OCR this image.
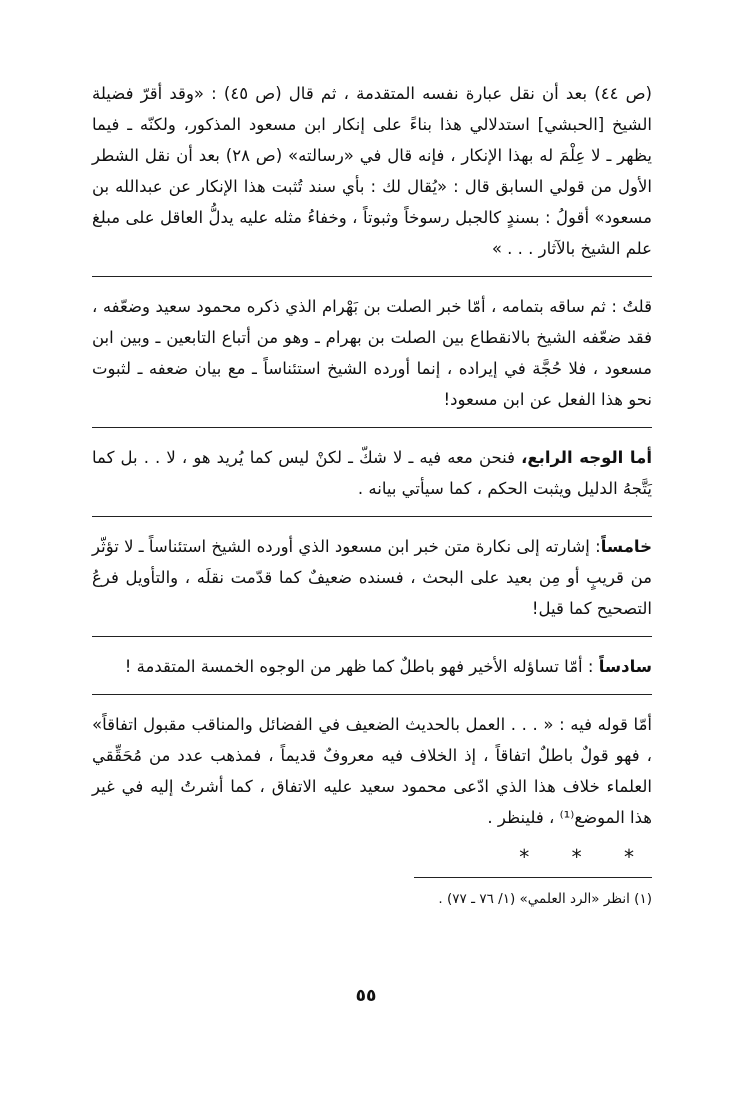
(ص ٤٤) بعد أن نقل عبارة نفسه المتقدمة ، ثم قال (ص ٤٥) : «وقد أقرّ فضيلة الشيخ [الحبشي] استدلالي هذا بناءً على إنكار ابن مسعود المذكور، ولكنّه ـ فيما يظهر ـ لا عِلْمَ له بهذا الإنكار ، فإنه قال في «رسالته» (ص ٢٨) بعد أن نقل الشطر الأول من قولي السابق قال : «يُقال لك : بأي سند تُثبت هذا الإنكار عن عبدالله بن مسعود» أقولُ : بسندٍ كالجبل رسوخاً وثبوتاً ، وخفاءُ مثله عليه يدلُّ العاقل على مبلغ علم الشيخ بالآثار . . . »

قلتُ : ثم ساقه بتمامه ، أمّا خبر الصلت بن بَهْرام الذي ذكره محمود سعيد وضعّفه ، فقد ضعّفه الشيخ بالانقطاع بين الصلت بن بهرام ـ وهو من أتباع التابعين ـ وبين ابن مسعود ، فلا حُجَّة في إيراده ، إنما أورده الشيخ استئناساً ـ مع بيان ضعفه ـ لثبوت نحو هذا الفعل عن ابن مسعود!

أما الوجه الرابع، فنحن معه فيه ـ لا شكّ ـ لكنْ ليس كما يُريد هو ، لا . . بل كما يَتَّجهُ الدليل ويثبت الحكم ، كما سيأتي بيانه .

خامساً: إشارته إلى نكارة متن خبر ابن مسعود الذي أورده الشيخ استئناساً ـ لا تؤثّر من قريبٍ أو مِن بعيد على البحث ، فسنده ضعيفٌ كما قدّمت نقلَه ، والتأويل فرعُ التصحيح كما قيل!

سادساً : أمّا تساؤله الأخير فهو باطلٌ كما ظهر من الوجوه الخمسة المتقدمة !

أمّا قوله فيه : « . . . العمل بالحديث الضعيف في الفضائل والمناقب مقبول اتفاقاً» ، فهو قولٌ باطلٌ اتفاقاً ، إذ الخلاف فيه معروفٌ قديماً ، فمذهب عدد من مُحَقِّقي العلماء خلاف هذا الذي ادّعى محمود سعيد عليه الاتفاق ، كما أشرتُ إليه في غير هذا الموضع⁽¹⁾ ، فلينظر .

* * *

(١) انظر «الرد العلمي» (١/ ٧٦ ـ ٧٧) .

٥٥
